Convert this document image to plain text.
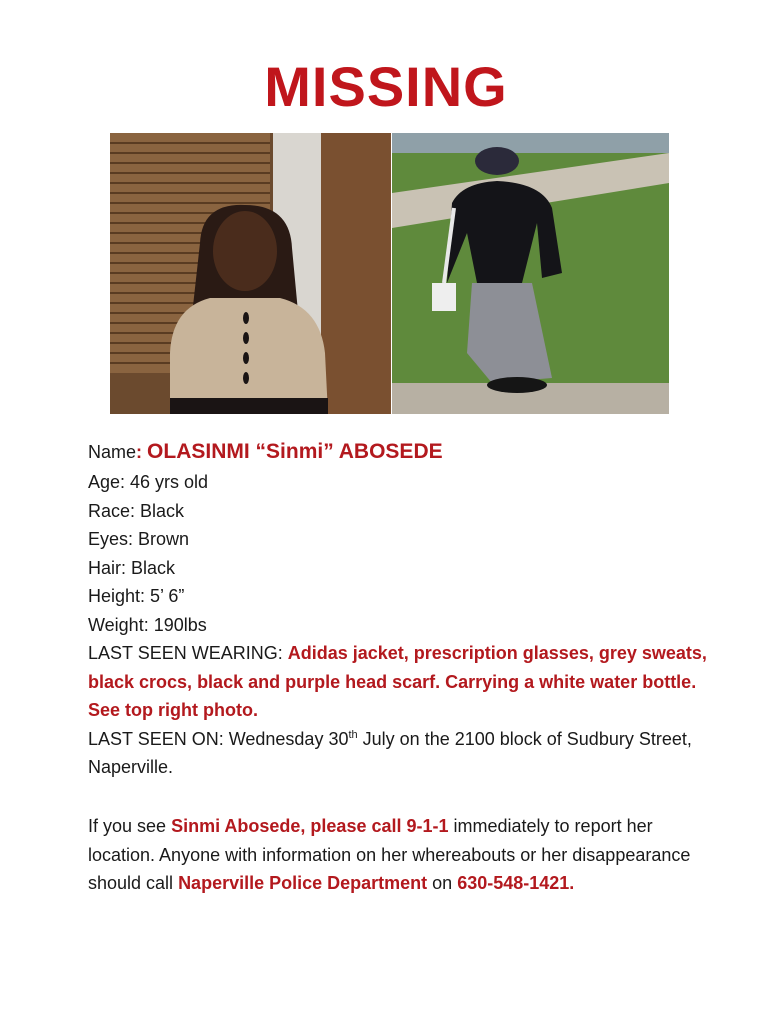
MISSING
Name: OLASINMI “Sinmi” ABOSEDE
Age: 46 yrs old
Race: Black
Eyes: Brown
Hair: Black
Height: 5’ 6”
Weight: 190lbs
LAST SEEN WEARING: Adidas jacket, prescription glasses, grey sweats, black crocs, black and purple head scarf. Carrying a white water bottle. See top right photo.
LAST SEEN ON: Wednesday 30th July on the 2100 block of Sudbury Street, Naperville.
If you see Sinmi Abosede, please call 9-1-1 immediately to report her location. Anyone with information on her whereabouts or her disappearance should call Naperville Police Department on 630-548-1421.
